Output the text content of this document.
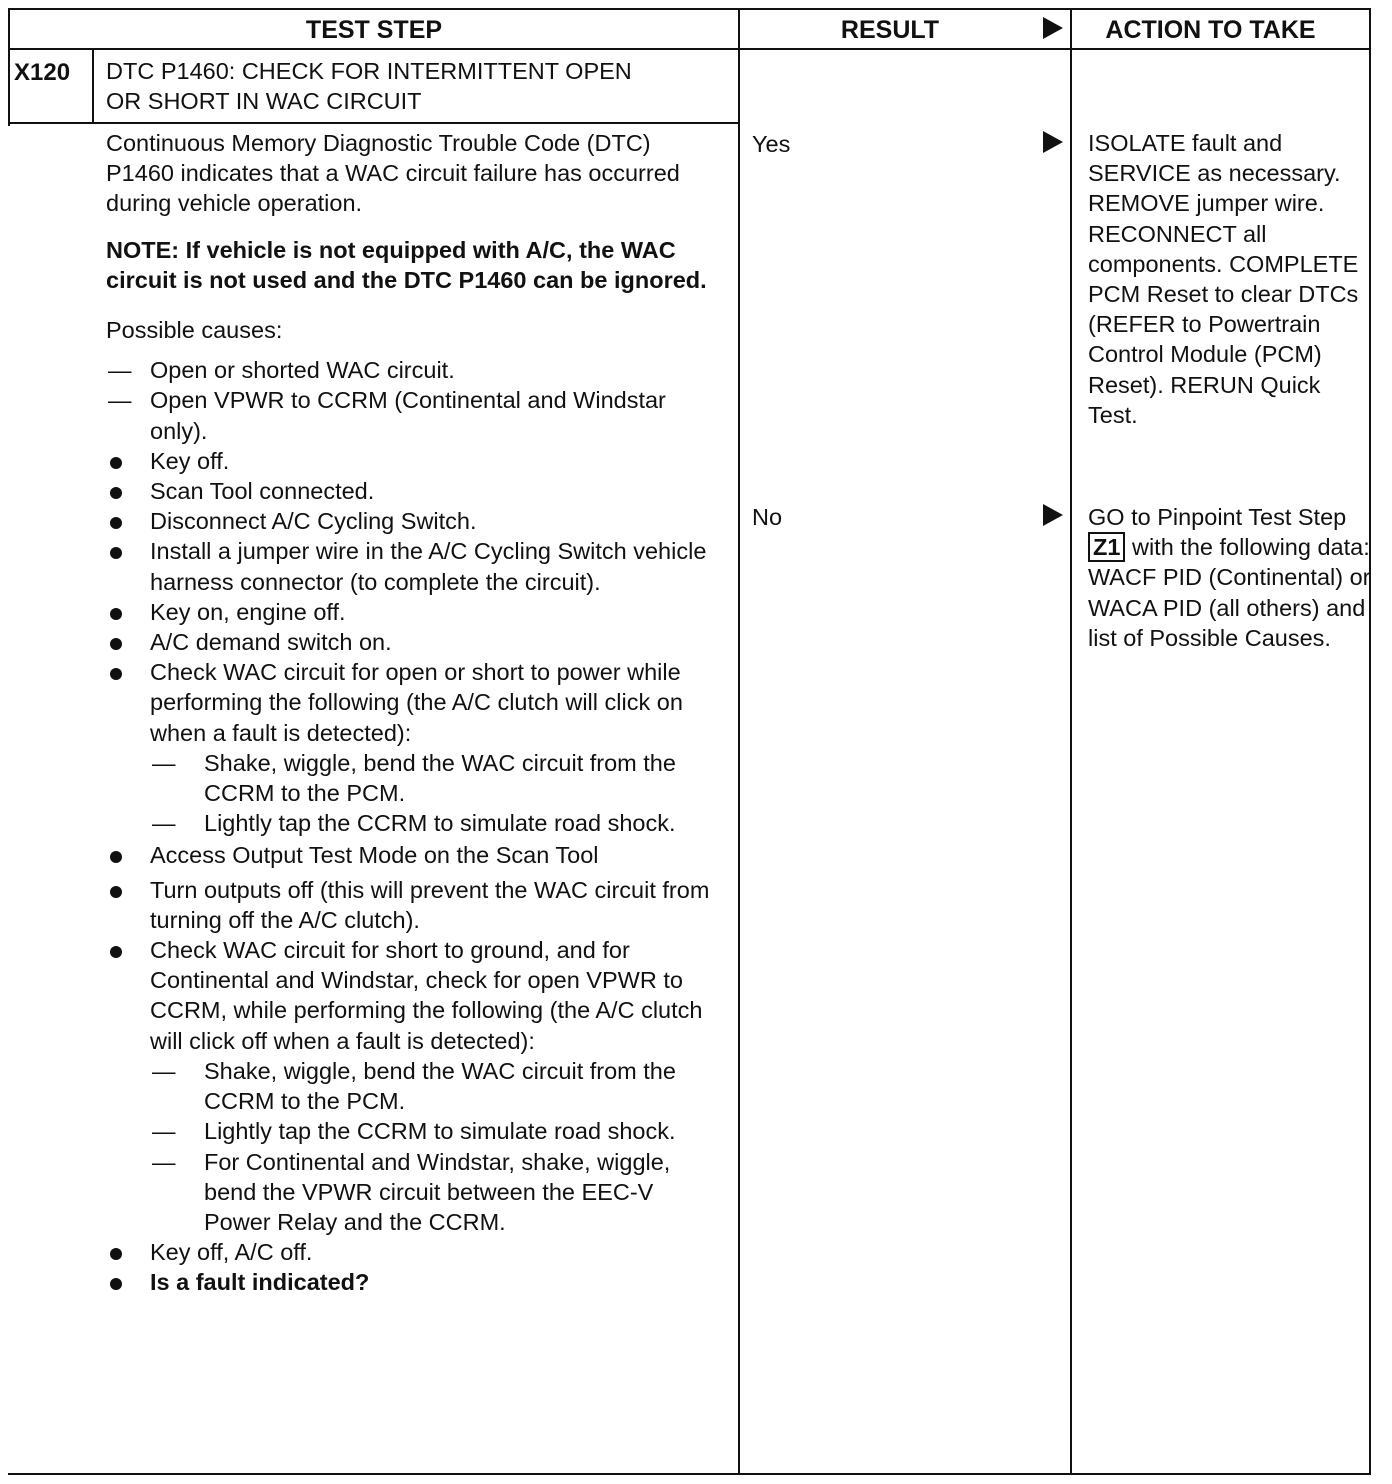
TEST STEP	RESULT	ACTION TO TAKE
X120 DTC P1460: CHECK FOR INTERMITTENT OPEN
OR SHORT IN WAC CIRCUIT

Continuous Memory Diagnostic Trouble Code (DTC) P1460 indicates that a WAC circuit failure has occurred during vehicle operation.

NOTE: If vehicle is not equipped with A/C, the WAC circuit is not used and the DTC P1460 can be ignored.

Possible causes:

— Open or shorted WAC circuit.
— Open VPWR to CCRM (Continental and Windstar only).
Key off.
Scan Tool connected.
Disconnect A/C Cycling Switch.
Install a jumper wire in the A/C Cycling Switch vehicle harness connector (to complete the circuit).
Key on, engine off.
A/C demand switch on.
Check WAC circuit for open or short to power while performing the following (the A/C clutch will click on when a fault is detected):
— Shake, wiggle, bend the WAC circuit from the CCRM to the PCM.
— Lightly tap the CCRM to simulate road shock.
Access Output Test Mode on the Scan Tool
Turn outputs off (this will prevent the WAC circuit from turning off the A/C clutch).
Check WAC circuit for short to ground, and for Continental and Windstar, check for open VPWR to CCRM, while performing the following (the A/C clutch will click off when a fault is detected):
— Shake, wiggle, bend the WAC circuit from the CCRM to the PCM.
— Lightly tap the CCRM to simulate road shock.
— For Continental and Windstar, shake, wiggle, bend the VPWR circuit between the EEC-V Power Relay and the CCRM.
Key off, A/C off.
Is a fault indicated?
Yes
No
ISOLATE fault and SERVICE as necessary. REMOVE jumper wire. RECONNECT all components. COMPLETE PCM Reset to clear DTCs (REFER to Powertrain Control Module (PCM) Reset). RERUN Quick Test.
GO to Pinpoint Test Step Z1 with the following data: WACF PID (Continental) or WACA PID (all others) and list of Possible Causes.
